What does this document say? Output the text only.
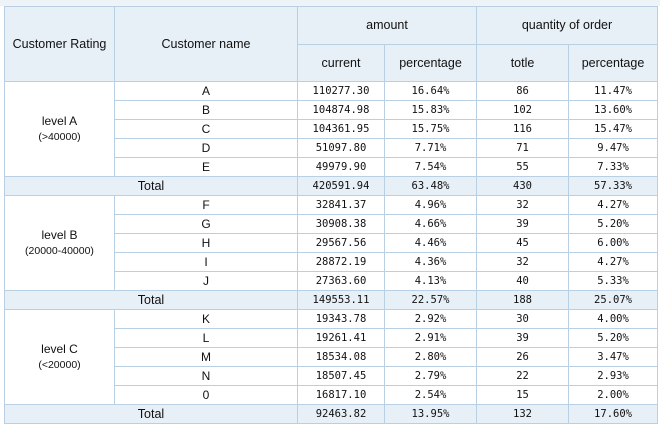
Customer Rating	Customer name	amount		quantity of order	
		current	percentage	totle	percentage

level A
(>40000)	A	110277.30	16.64%	86	11.47%
	B	104874.98	15.83%	102	13.60%
	C	104361.95	15.75%	116	15.47%
	D	51097.80	7.71%	71	9.47%
	E	49979.90	7.54%	55	7.33%
Total		420591.94	63.48%	430	57.33%

level B
(20000-40000)	F	32841.37	4.96%	32	4.27%
	G	30908.38	4.66%	39	5.20%
	H	29567.56	4.46%	45	6.00%
	I	28872.19	4.36%	32	4.27%
	J	27363.60	4.13%	40	5.33%
Total		149553.11	22.57%	188	25.07%

level C
(<20000)	K	19343.78	2.92%	30	4.00%
	L	19261.41	2.91%	39	5.20%
	M	18534.08	2.80%	26	3.47%
	N	18507.45	2.79%	22	2.93%
	0	16817.10	2.54%	15	2.00%
Total		92463.82	13.95%	132	17.60%
